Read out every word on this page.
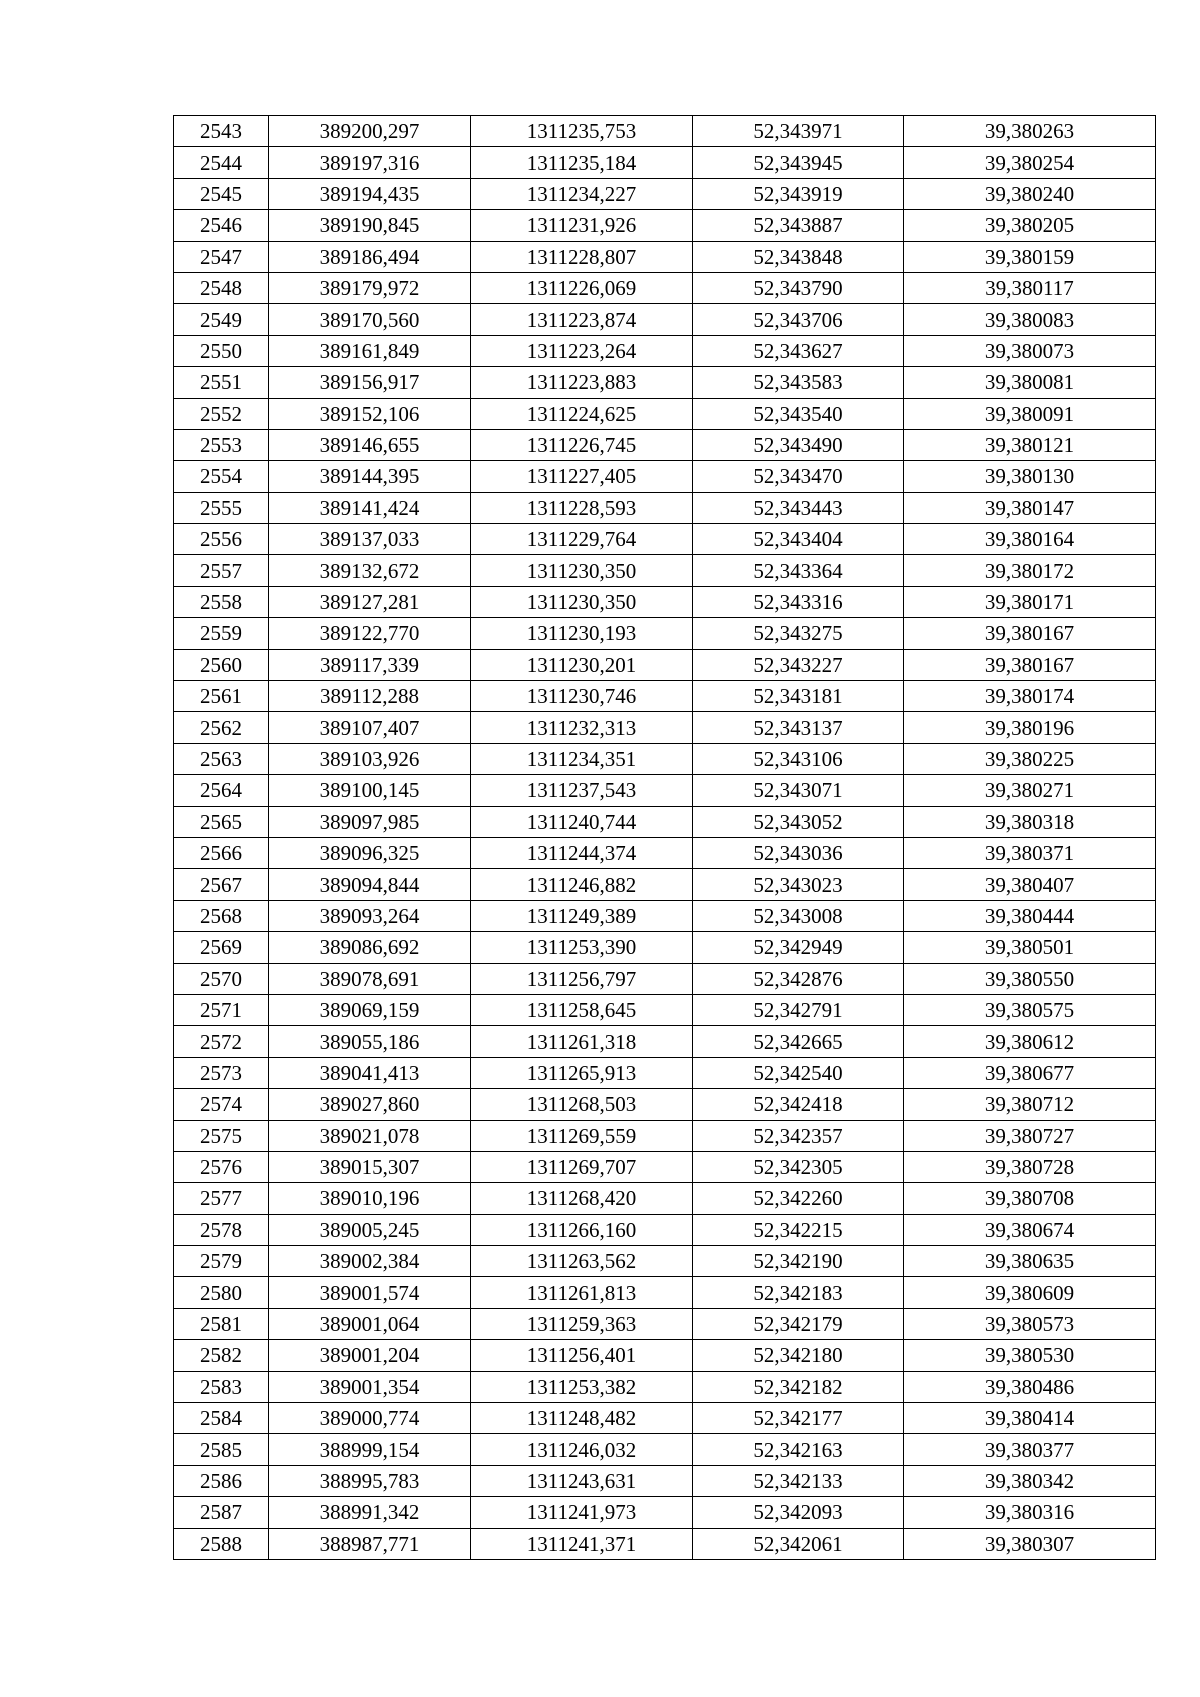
2543	389200,297	1311235,753	52,343971	39,380263
2544	389197,316	1311235,184	52,343945	39,380254
2545	389194,435	1311234,227	52,343919	39,380240
2546	389190,845	1311231,926	52,343887	39,380205
2547	389186,494	1311228,807	52,343848	39,380159
2548	389179,972	1311226,069	52,343790	39,380117
2549	389170,560	1311223,874	52,343706	39,380083
2550	389161,849	1311223,264	52,343627	39,380073
2551	389156,917	1311223,883	52,343583	39,380081
2552	389152,106	1311224,625	52,343540	39,380091
2553	389146,655	1311226,745	52,343490	39,380121
2554	389144,395	1311227,405	52,343470	39,380130
2555	389141,424	1311228,593	52,343443	39,380147
2556	389137,033	1311229,764	52,343404	39,380164
2557	389132,672	1311230,350	52,343364	39,380172
2558	389127,281	1311230,350	52,343316	39,380171
2559	389122,770	1311230,193	52,343275	39,380167
2560	389117,339	1311230,201	52,343227	39,380167
2561	389112,288	1311230,746	52,343181	39,380174
2562	389107,407	1311232,313	52,343137	39,380196
2563	389103,926	1311234,351	52,343106	39,380225
2564	389100,145	1311237,543	52,343071	39,380271
2565	389097,985	1311240,744	52,343052	39,380318
2566	389096,325	1311244,374	52,343036	39,380371
2567	389094,844	1311246,882	52,343023	39,380407
2568	389093,264	1311249,389	52,343008	39,380444
2569	389086,692	1311253,390	52,342949	39,380501
2570	389078,691	1311256,797	52,342876	39,380550
2571	389069,159	1311258,645	52,342791	39,380575
2572	389055,186	1311261,318	52,342665	39,380612
2573	389041,413	1311265,913	52,342540	39,380677
2574	389027,860	1311268,503	52,342418	39,380712
2575	389021,078	1311269,559	52,342357	39,380727
2576	389015,307	1311269,707	52,342305	39,380728
2577	389010,196	1311268,420	52,342260	39,380708
2578	389005,245	1311266,160	52,342215	39,380674
2579	389002,384	1311263,562	52,342190	39,380635
2580	389001,574	1311261,813	52,342183	39,380609
2581	389001,064	1311259,363	52,342179	39,380573
2582	389001,204	1311256,401	52,342180	39,380530
2583	389001,354	1311253,382	52,342182	39,380486
2584	389000,774	1311248,482	52,342177	39,380414
2585	388999,154	1311246,032	52,342163	39,380377
2586	388995,783	1311243,631	52,342133	39,380342
2587	388991,342	1311241,973	52,342093	39,380316
2588	388987,771	1311241,371	52,342061	39,380307
